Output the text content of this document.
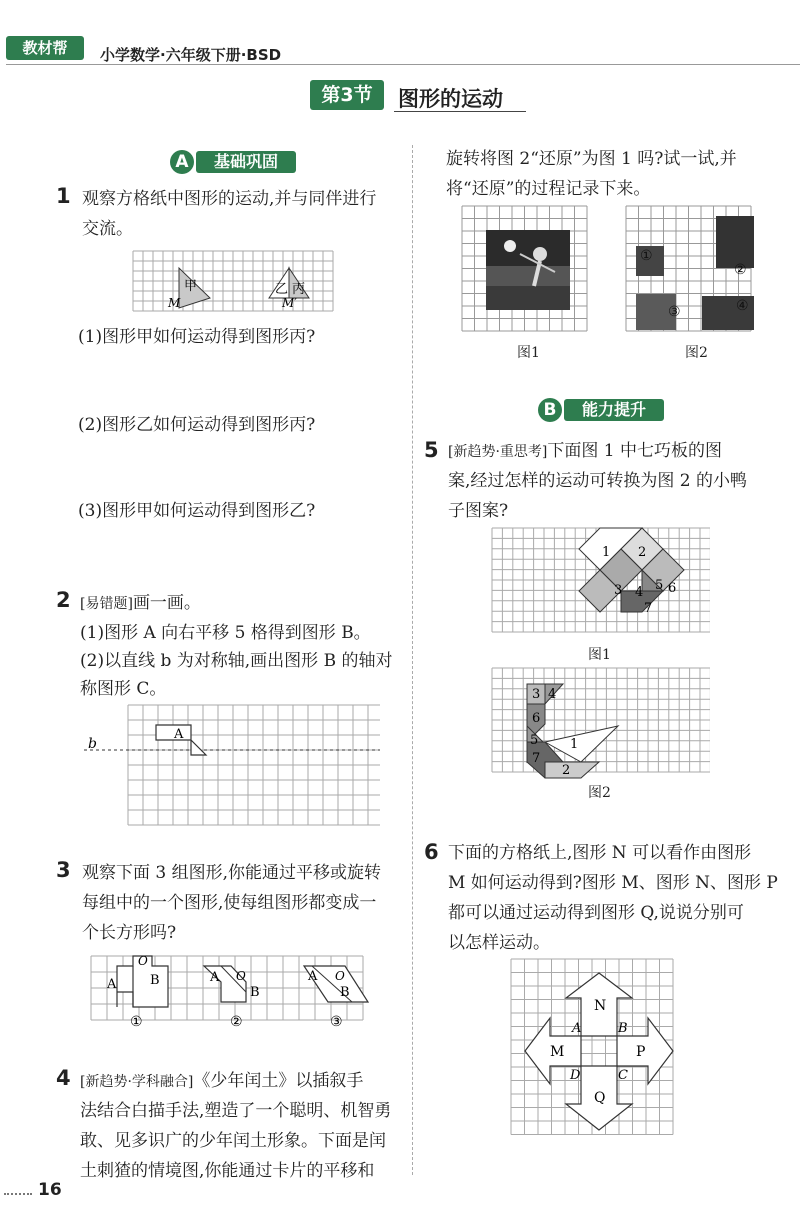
教材帮	小学数学·六年级下册·BSD
第3节	图形的运动
A	基础巩固
1 观察方格纸中图形的运动,并与同伴进行
交流。
甲	乙 丙
M	M′
(1)图形甲如何运动得到图形丙?
(2)图形乙如何运动得到图形丙?
(3)图形甲如何运动得到图形乙?
2 [易错题]画一画。
(1)图形 A 向右平移 5 格得到图形 B。
(2)以直线 b 为对称轴,画出图形 B 的轴对
称图形 C。
A
b
3 观察下面 3 组图形,你能通过平移或旋转
每组中的一个图形,使每组图形都变成一
个长方形吗?
A	B
O
①
A
B
O
②
A
B
O
③
4 [新趋势·学科融合]《少年闰土》以插叙手
法结合白描手法,塑造了一个聪明、机智勇
敢、见多识广的少年闰土形象。下面是闰
土刺猹的情境图,你能通过卡片的平移和
16
旋转将图 2“还原”为图 1 吗?试一试,并
将“还原”的过程记录下来。
图1
①
②
③	④
图2
B	能力提升
5 [新趋势·重思考]下面图 1 中七巧板的图
案,经过怎样的运动可转换为图 2 的小鸭
子图案?
1 2
3 4 5 6
7
图1
3 4
6
5
7
1
2
图2
6 下面的方格纸上,图形 N 可以看作由图形
M 如何运动得到?图形 M、图形 N、图形 P
都可以通过运动得到图形 Q,说说分别可
以怎样运动。
N
P
Q
M
A	B
C
D
